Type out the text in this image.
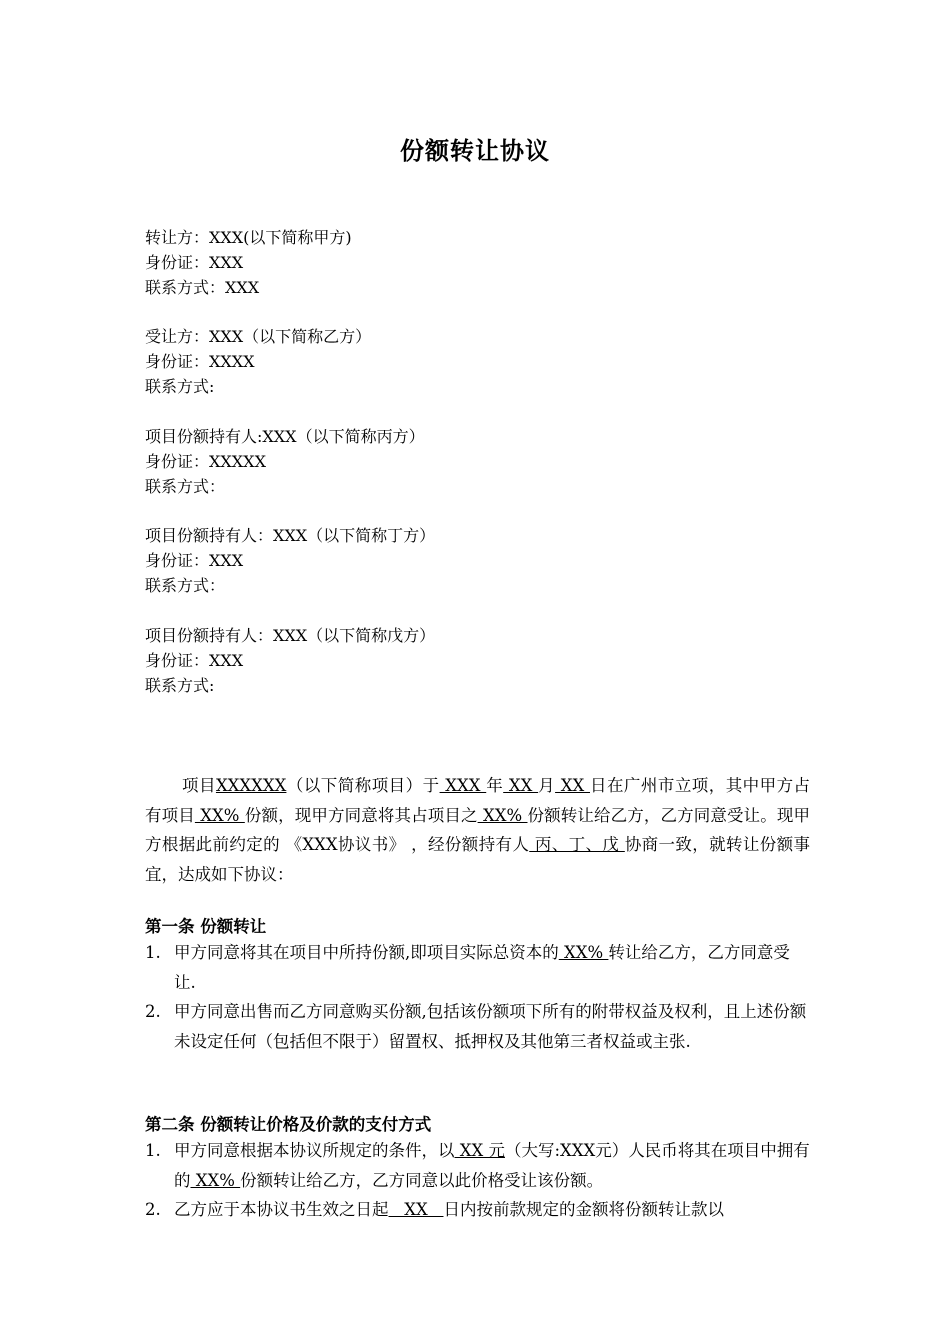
份额转让协议
转让方：XXX(以下简称甲方)
身份证：XXX
联系方式：XXX
受让方：XXX（以下简称乙方）
身份证：XXXX
联系方式:
项目份额持有人:XXX（以下简称丙方）
身份证：XXXXX
联系方式：
项目份额持有人：XXX（以下简称丁方）
身份证：XXX
联系方式：
项目份额持有人：XXX（以下简称戊方）
身份证：XXX
联系方式:
项目XXXXXX（以下简称项目）于 XXX 年 XX 月 XX 日在广州市立项，其中甲方占有项目 XX% 份额，现甲方同意将其占项目之 XX% 份额转让给乙方，乙方同意受让。现甲方根据此前约定的 《XXX协议书》 ，经份额持有人 丙、丁、戊 协商一致，就转让份额事宜，达成如下协议：
第一条 份额转让
1. 甲方同意将其在项目中所持份额,即项目实际总资本的 XX% 转让给乙方，乙方同意受让.
2. 甲方同意出售而乙方同意购买份额,包括该份额项下所有的附带权益及权利，且上述份额未设定任何（包括但不限于）留置权、抵押权及其他第三者权益或主张.
第二条 份额转让价格及价款的支付方式
1. 甲方同意根据本协议所规定的条件，以 XX 元（大写:XXX元）人民币将其在项目中拥有的 XX% 份额转让给乙方，乙方同意以此价格受让该份额。
2. 乙方应于本协议书生效之日起   XX   日内按前款规定的金额将份额转让款以
